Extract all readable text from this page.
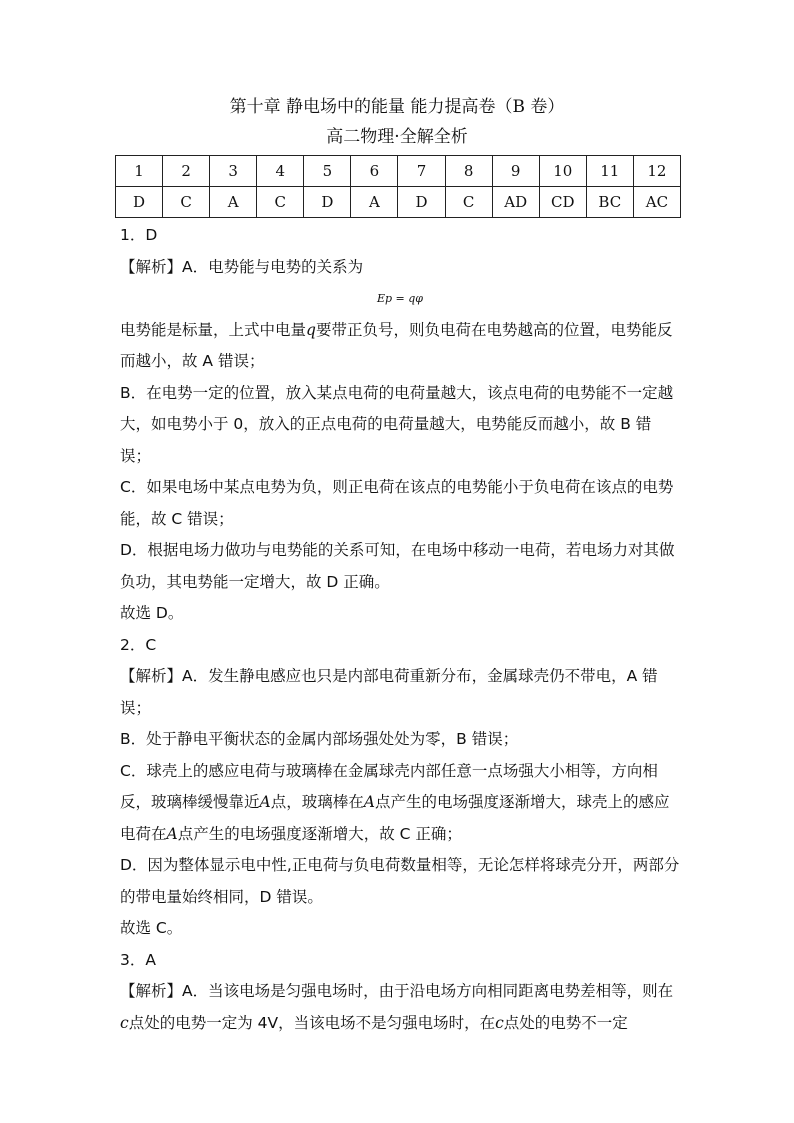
第十章 静电场中的能量 能力提高卷（B 卷）
高二物理·全解全析
1	2	3	4	5	6	7	8	9	10	11	12
D	C	A	C	D	A	D	C	AD	CD	BC	AC

1．D

【解析】A．电势能与电势的关系为

Ep = qφ

电势能是标量，上式中电量q要带正负号，则负电荷在电势越高的位置，电势能反而越小，故 A 错误；

B．在电势一定的位置，放入某点电荷的电荷量越大，该点电荷的电势能不一定越大，如电势小于 0，放入的正点电荷的电荷量越大，电势能反而越小，故 B 错误；

C．如果电场中某点电势为负，则正电荷在该点的电势能小于负电荷在该点的电势能，故 C 错误；

D．根据电场力做功与电势能的关系可知，在电场中移动一电荷，若电场力对其做负功，其电势能一定增大，故 D 正确。

故选 D。

2．C

【解析】A．发生静电感应也只是内部电荷重新分布，金属球壳仍不带电，A 错误；

B．处于静电平衡状态的金属内部场强处处为零，B 错误；

C．球壳上的感应电荷与玻璃棒在金属球壳内部任意一点场强大小相等，方向相反，玻璃棒缓慢靠近A点，玻璃棒在A点产生的电场强度逐渐增大，球壳上的感应电荷在A点产生的电场强度逐渐增大，故 C 正确；

D．因为整体显示电中性,正电荷与负电荷数量相等，无论怎样将球壳分开，两部分的带电量始终相同，D 错误。

故选 C。

3．A

【解析】A．当该电场是匀强电场时，由于沿电场方向相同距离电势差相等，则在c点处的电势一定为 4V，当该电场不是匀强电场时，在c点处的电势不一定
